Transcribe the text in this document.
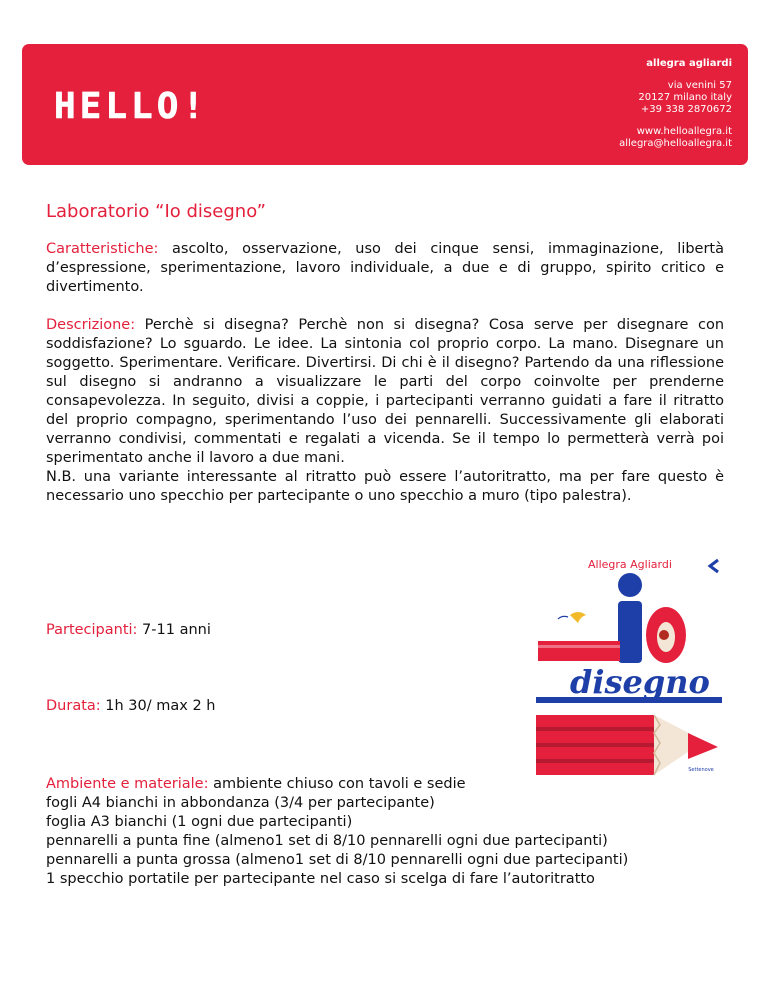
HELLO!
allegra agliardi
via venini 57
20127 milano italy
+39 338 2870672
www.helloallegra.it
allegra@helloallegra.it
Laboratorio “Io disegno”
Caratteristiche: ascolto, osservazione, uso dei cinque sensi, immaginazione, libertà d’espressione, sperimentazione, lavoro individuale, a due e di gruppo, spirito critico e divertimento.
Descrizione: Perchè si disegna? Perchè non si disegna? Cosa serve per disegnare con soddisfazione? Lo sguardo. Le idee. La sintonia col proprio corpo. La mano. Disegnare un soggetto. Sperimentare. Verificare. Divertirsi. Di chi è il disegno? Partendo da una riflessione sul disegno si andranno a visualizzare le parti del corpo coinvolte per prenderne consapevolezza. In seguito, divisi a coppie, i partecipanti verranno guidati a fare il ritratto del proprio compagno, sperimentando l’uso dei pennarelli. Successivamente gli elaborati verranno condivisi, commentati e regalati a vicenda. Se il tempo lo permetterà verrà poi sperimentato anche il lavoro a due mani.
N.B. una variante interessante al ritratto può essere l’autoritratto, ma per fare questo è necessario uno specchio per partecipante o uno specchio a muro (tipo palestra).
Allegra Agliardi
disegno
Settenove
Partecipanti: 7-11 anni
Durata: 1h 30/ max 2 h
Ambiente e materiale: ambiente chiuso con tavoli e sedie
fogli A4 bianchi in abbondanza (3/4 per partecipante)
foglia A3 bianchi (1 ogni due partecipanti)
pennarelli a punta fine (almeno1 set di 8/10 pennarelli ogni due partecipanti)
pennarelli a punta grossa (almeno1 set di 8/10 pennarelli ogni due partecipanti)
1 specchio portatile per partecipante nel caso si scelga di fare l’autoritratto
